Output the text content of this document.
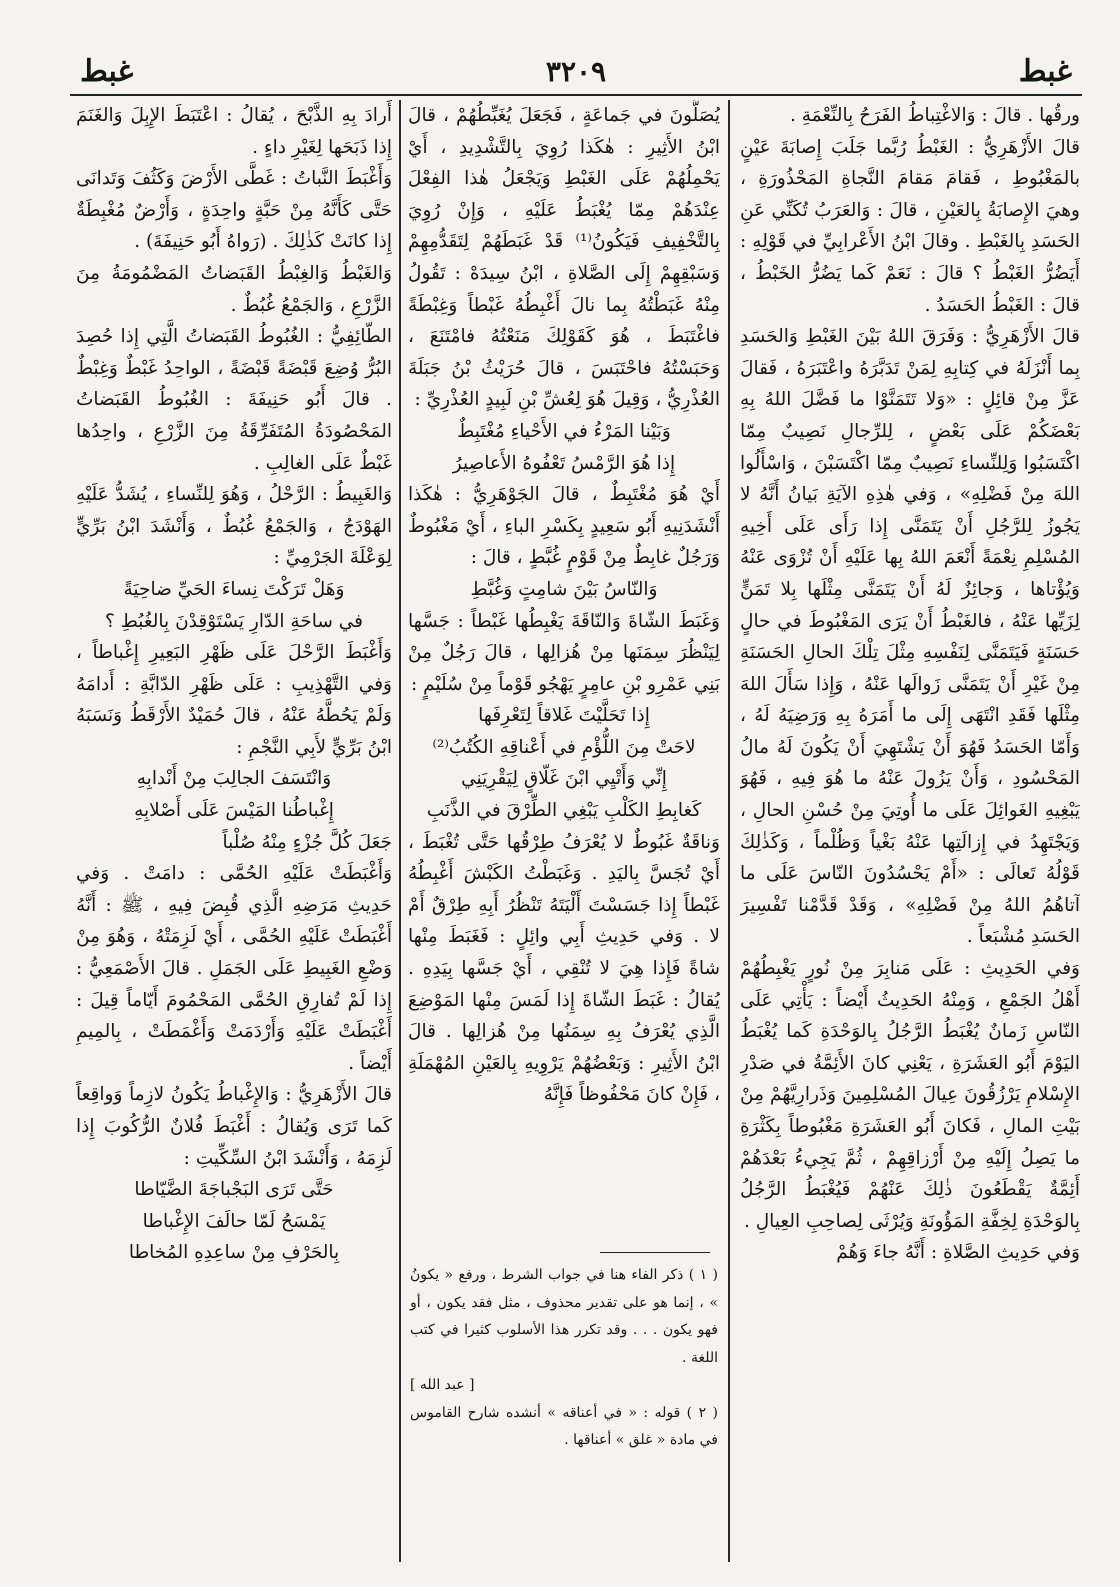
غبط	٣٢٠٩	غبط

ورقُها . قالَ : وَالاغْتِباطُ الفَرَحُ بِالنِّعْمَةِ .

قالَ الأَزْهَرِيُّ : الغَبْطُ رُبَّما جَلَبَ إِصابَةَ عَيْنٍ بالمَغْبُوطِ ، فَقامَ مَقامَ النَّجاةِ المَحْذُورَةِ ، وهيَ الإِصابَةُ بِالعَيْنِ ، قالَ : وَالعَرَبُ تُكَنِّي عَنِ الحَسَدِ بِالغَبْطِ . وقالَ ابْنُ الأَعْرابِيِّ في قَوْلِهِ : أَيَضُرُّ الغَبْطُ ؟ قالَ : نَعَمْ كَما يَضُرُّ الخَبْطُ ، قالَ : الغَبْطُ الحَسَدُ .

قالَ الأَزْهَرِيُّ : وَفَرَقَ اللهُ بَيْنَ الغَبْطِ وَالحَسَدِ بِما أَنْزَلَهُ في كِتابِهِ لِمَنْ تَدَبَّرَهُ واعْتَبَرَهُ ، فَقالَ عَزَّ مِنْ قائِلٍ : «وَلا تَتَمَنَّوْا ما فَضَّلَ اللهُ بِهِ بَعْضَكُمْ عَلَى بَعْضٍ ، لِلرِّجالِ نَصِيبٌ مِمّا اكْتَسَبُوا وَلِلنِّساءِ نَصِيبٌ مِمّا اكْتَسَبْنَ ، وَاسْأَلُوا اللهَ مِنْ فَضْلِهِ» ، وَفي هٰذِهِ الآيَةِ بَيانُ أَنَّهُ لا يَجُوزُ لِلرَّجُلِ أَنْ يَتَمَنَّى إِذا رَأَى عَلَى أَخِيهِ المُسْلِمِ نِعْمَةً أَنْعَمَ اللهُ بِها عَلَيْهِ أَنْ تُزْوَى عَنْهُ وَيُؤْتاها ، وَجائِزٌ لَهُ أَنْ يَتَمَنَّى مِثْلَها بِلا تَمَنٍّ لِزَيِّها عَنْهُ ، فالغَبْطُ أَنْ يَرَى المَغْبُوطَ في حالٍ حَسَنَةٍ فَيَتَمَنَّى لِنَفْسِهِ مِثْلَ تِلْكَ الحالِ الحَسَنَةِ مِنْ غَيْرِ أَنْ يَتَمَنَّى زَوالَها عَنْهُ ، وَإِذا سَأَلَ اللهَ مِثْلَها فَقَدِ انْتَهَى إِلَى ما أَمَرَهُ بِهِ وَرَضِيَهُ لَهُ ، وَأَمّا الحَسَدُ فَهُوَ أَنْ يَشْتَهِيَ أَنْ يَكُونَ لَهُ مالُ المَحْسُودِ ، وَأَنْ يَزُولَ عَنْهُ ما هُوَ فِيهِ ، فَهُوَ يَبْغِيهِ الغَوائِلَ عَلَى ما أُوتِيَ مِنْ حُسْنِ الحالِ ، وَيَجْتَهِدُ في إِزالَتِها عَنْهُ بَغْياً وَظُلْماً ، وَكَذٰلِكَ قَوْلُهُ تَعالَى : «أَمْ يَحْسُدُونَ النّاسَ عَلَى ما آتاهُمُ اللهُ مِنْ فَضْلِهِ» ، وَقَدْ قَدَّمْنا تَفْسِيرَ الحَسَدِ مُشْبَعاً .

وَفي الحَدِيثِ : عَلَى مَنابِرَ مِنْ نُورٍ يَغْبِطُهُمْ أَهْلُ الجَمْعِ ، وَمِنْهُ الحَدِيثُ أَيْضاً : يَأْتِي عَلَى النّاسِ زَمانٌ يُغْبَطُ الرَّجُلُ بِالوَحْدَةِ كَما يُغْبَطُ اليَوْمَ أَبُو العَشَرَةِ ، يَعْنِي كانَ الأَئِمَّةُ في صَدْرِ الإِسْلامِ يَرْزُقُونَ عِيالَ المُسْلِمِينَ وَذَرارِيَّهُمْ مِنْ بَيْتِ المالِ ، فَكانَ أَبُو العَشَرَةِ مَغْبُوطاً بِكَثْرَةِ ما يَصِلُ إِلَيْهِ مِنْ أَرْزاقِهِمْ ، ثُمَّ يَجِيءُ بَعْدَهُمْ أَئِمَّةٌ يَقْطَعُونَ ذٰلِكَ عَنْهُمْ فَيُغْبَطُ الرَّجُلُ بِالوَحْدَةِ لِخِفَّةِ المَؤُونَةِ وَيُرْثَى لِصاحِبِ العِيالِ .

وَفي حَدِيثِ الصَّلاةِ : أَنَّهُ جاءَ وَهُمْ

يُصَلُّونَ في جَماعَةٍ ، فَجَعَلَ يُغَبِّطُهُمْ ، قالَ ابْنُ الأَثِيرِ : هٰكَذا رُوِيَ بِالتَّشْدِيدِ ، أَيْ يَحْمِلُهُمْ عَلَى الغَبْطِ وَيَجْعَلُ هٰذا الفِعْلَ عِنْدَهُمْ مِمّا يُغْبَطُ عَلَيْهِ ، وَإِنْ رُوِيَ بِالتَّخْفِيفِ فَيَكُونُ⁽¹⁾ قَدْ غَبَطَهُمْ لِتَقَدُّمِهِمْ وَسَبْقِهِمْ إِلَى الصَّلاةِ ، ابْنُ سِيدَهْ : تَقُولُ مِنْهُ غَبَطْتُهُ بِما نالَ أَغْبِطُهُ غَبْطاً وَغِبْطَةً فاغْتَبَطَ ، هُوَ كَقَوْلِكَ مَنَعْتُهُ فامْتَنَعَ ، وَحَبَسْتُهُ فاحْتَبَسَ ، قالَ حُرَيْثُ بْنُ جَبَلَةَ العُذْرِيُّ ، وَقِيلَ هُوَ لِعُشِّ بْنِ لَبِيدٍ العُذْرِيِّ :

وَبَيْنا المَرْءُ في الأَحْياءِ مُغْتَبِطٌ

إِذا هُوَ الرَّمْسُ تَعْفُوهُ الأَعاصِيرُ

أَيْ هُوَ مُغْتَبِطٌ ، قالَ الجَوْهَرِيُّ : هٰكَذا أَنْشَدَنِيهِ أَبُو سَعِيدٍ بِكَسْرِ الباءِ ، أَيْ مَغْبُوطٌ وَرَجُلٌ غابِطٌ مِنْ قَوْمٍ غُبَّطٍ ، قالَ :

وَالنّاسُ بَيْنَ شامِتٍ وَغُبَّطِ

وَغَبَطَ الشّاةَ وَالنّاقَةَ يَغْبِطُها غَبْطاً : جَسَّها لِيَنْظُرَ سِمَنَها مِنْ هُزالِها ، قالَ رَجُلٌ مِنْ بَنِي عَمْرِو بْنِ عامِرٍ يَهْجُو قَوْماً مِنْ سُلَيْمٍ :

إِذا تَحَلَّيْتَ غَلاقاً لِتَعْرِفَها

لاحَتْ مِنَ اللُّؤْمِ في أَعْناقِهِ الكُتُبُ⁽²⁾

إِنِّي وَأَتْيِي ابْنَ غَلّاقٍ لِيَقْرِيَنِي

كَغابِطِ الكَلْبِ يَبْغِي الطِّرْقَ في الذَّنَبِ

وَناقَةٌ غَبُوطٌ لا يُعْرَفُ طِرْقُها حَتَّى تُغْبَطَ ، أَيْ تُجَسَّ بِاليَدِ . وَغَبَطْتُ الكَبْشَ أَغْبِطُهُ غَبْطاً إِذا جَسَسْتَ أَلْيَتَهُ تَنْظُرُ أَبِهِ طِرْقٌ أَمْ لا . وَفي حَدِيثِ أَبِي وائِلٍ : فَغَبَطَ مِنْها شاةً فَإِذا هِيَ لا تُنْقِي ، أَيْ جَسَّها بِيَدِهِ . يُقالُ : غَبَطَ الشّاةَ إِذا لَمَسَ مِنْها المَوْضِعَ الَّذِي يُعْرَفُ بِهِ سِمَنُها مِنْ هُزالِها . قالَ ابْنُ الأَثِيرِ : وَبَعْضُهُمْ يَرْوِيهِ بِالعَيْنِ المُهْمَلَةِ ، فَإِنْ كانَ مَحْفُوظاً فَإِنَّهُ

( ١ ) ذكر الفاء هنا في جواب الشرط ، ورفع « يكونُ » ، إنما هو على تقدير محذوف ، مثل فقد يكون ، أو فهو يكون . . . وقد تكرر هذا الأسلوب كثيرا في كتب اللغة .

[ عبد الله ]

( ٢ ) قوله : « في أعناقه » أنشده شارح القاموس في مادة « غلق » أعناقها .

أَرادَ بِهِ الذَّبْحَ ، يُقالُ : اعْتَبَطَ الإِبِلَ وَالغَنَمَ إِذا ذَبَحَها لِغَيْرِ داءٍ .

وَأَغْبَطَ النَّباتُ : غَطَّى الأَرْضَ وَكَثُفَ وَتَدانَى حَتَّى كَأَنَّهُ مِنْ حَبَّةٍ واحِدَةٍ ، وَأَرْضٌ مُغْبِطَةٌ إِذا كانَتْ كَذٰلِكَ . (رَواهُ أَبُو حَنِيفَةَ) .

وَالغَبْطُ وَالغِبْطُ القَبَضاتُ المَضْمُومَةُ مِنَ الزَّرْعِ ، وَالجَمْعُ غُبُطٌ .

الطّائِفِيُّ : الغُبُوطُ القَبَضاتُ الَّتِي إِذا حُصِدَ البُرُّ وُضِعَ قَبْضَةً قَبْضَةً ، الواحِدُ غَبْطٌ وَغِبْطٌ . قالَ أَبُو حَنِيفَةَ : الغُبُوطُ القَبَضاتُ المَحْصُودَةُ المُتَفَرِّقَةُ مِنَ الزَّرْعِ ، واحِدُها غَبْطٌ عَلَى الغالِبِ .

وَالغَبِيطُ : الرَّحْلُ ، وَهُوَ لِلنِّساءِ ، يُشَدُّ عَلَيْهِ الهَوْدَجُ ، وَالجَمْعُ غُبُطٌ ، وَأَنْشَدَ ابْنُ بَرِّيٍّ لِوَعْلَةَ الجَرْمِيِّ :

وَهَلْ تَرَكْتَ نِساءَ الحَيِّ ضاحِيَةً

في ساحَةِ الدّارِ يَسْتَوْقِدْنَ بِالغُبُطِ ؟

وَأَغْبَطَ الرَّحْلَ عَلَى ظَهْرِ البَعِيرِ إِغْباطاً ، وَفي التَّهْذِيبِ : عَلَى ظَهْرِ الدّابَّةِ : أَدامَهُ وَلَمْ يَحُطَّهُ عَنْهُ ، قالَ حُمَيْدٌ الأَرْقَطُ وَنَسَبَهُ ابْنُ بَرِّيٍّ لأَبِي النَّجْمِ :

وَانْتَسَفَ الجالِبَ مِنْ أَنْدابِهِ

إِغْباطُنا المَيْسَ عَلَى أَصْلابِهِ

جَعَلَ كُلَّ جُزْءٍ مِنْهُ صُلْباً

وَأَغْبَطَتْ عَلَيْهِ الحُمَّى : دامَتْ . وَفي حَدِيثِ مَرَضِهِ الَّذِي قُبِضَ فِيهِ ، ﷺ : أَنَّهُ أَغْبَطَتْ عَلَيْهِ الحُمَّى ، أَيْ لَزِمَتْهُ ، وَهُوَ مِنْ وَضْعِ الغَبِيطِ عَلَى الجَمَلِ . قالَ الأَصْمَعِيُّ : إِذا لَمْ تُفارِقِ الحُمَّى المَحْمُومَ أَيّاماً قِيلَ : أَغْبَطَتْ عَلَيْهِ وَأَرْدَمَتْ وَأَغْمَطَتْ ، بِالمِيمِ أَيْضاً .

قالَ الأَزْهَرِيُّ : وَالإِغْباطُ يَكُونُ لازِماً وَواقِعاً كَما تَرَى وَيُقالُ : أَغْبَطَ فُلانٌ الرُّكُوبَ إِذا لَزِمَهُ ، وَأَنْشَدَ ابْنُ السِّكِّيتِ :

حَتَّى تَرَى البَجْباجَةَ الضَّيّاطا

يَمْسَحُ لَمّا حالَفَ الإِغْباطا

بِالحَرْفِ مِنْ ساعِدِهِ المُخاطا
